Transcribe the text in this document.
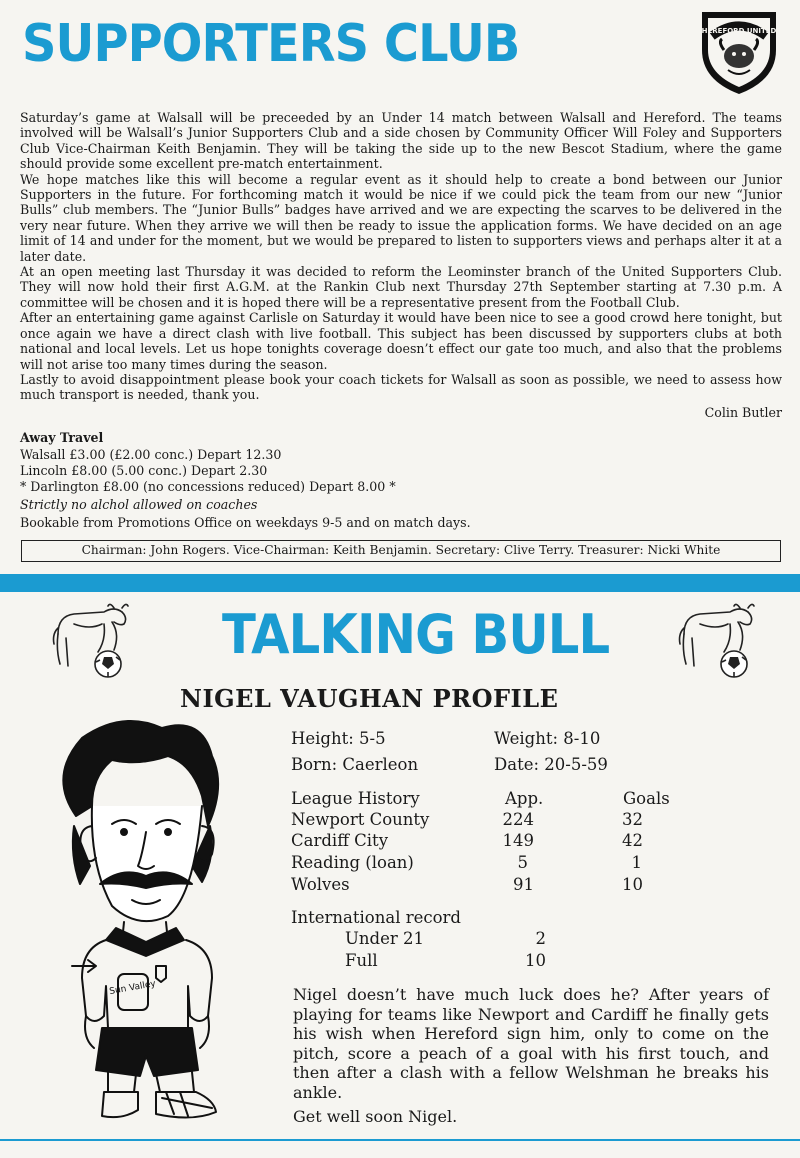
SUPPORTERS CLUB	HEREFORD UNITED

Saturday’s game at Walsall will be preceeded by an Under 14 match between Walsall and Hereford. The teams involved will be Walsall’s Junior Supporters Club and a side chosen by Community Officer Will Foley and Supporters Club Vice-Chairman Keith Benjamin. They will be taking the side up to the new Bescot Stadium, where the game should provide some excellent pre-match entertainment.

We hope matches like this will become a regular event as it should help to create a bond between our Junior Supporters in the future. For forthcoming match it would be nice if we could pick the team from our new “Junior Bulls” club members. The “Junior Bulls” badges have arrived and we are expecting the scarves to be delivered in the very near future. When they arrive we will then be ready to issue the application forms. We have decided on an age limit of 14 and under for the moment, but we would be prepared to listen to supporters views and perhaps alter it at a later date.

At an open meeting last Thursday it was decided to reform the Leominster branch of the United Supporters Club. They will now hold their first A.G.M. at the Rankin Club next Thursday 27th September starting at 7.30 p.m. A committee will be chosen and it is hoped there will be a representative present from the Football Club.

After an entertaining game against Carlisle on Saturday it would have been nice to see a good crowd here tonight, but once again we have a direct clash with live football. This subject has been discussed by supporters clubs at both national and local levels. Let us hope tonights coverage doesn’t effect our gate too much, and also that the problems will not arise too many times during the season.

Lastly to avoid disappointment please book your coach tickets for Walsall as soon as possible, we need to assess how much transport is needed, thank you.

Colin Butler
Away Travel
Walsall £3.00 (£2.00 conc.) Depart 12.30
Lincoln £8.00 (5.00 conc.) Depart 2.30
* Darlington £8.00 (no concessions reduced) Depart 8.00 *
Strictly no alchol allowed on coaches
Bookable from Promotions Office on weekdays 9-5 and on match days.
Chairman: John Rogers. Vice-Chairman: Keith Benjamin. Secretary: Clive Terry. Treasurer: Nicki White
TALKING BULL
NIGEL VAUGHAN PROFILE
Sun Valley
Height: 5-5	Weight: 8-10
Born: Caerleon	Date: 20-5-59
League History	App.	Goals
Newport County	224	32
Cardiff City	149	42
Reading (loan)	5	1
Wolves	91	10
International record
Under 21	2
Full	10

Nigel doesn’t have much luck does he? After years of playing for teams like Newport and Cardiff he finally gets his wish when Hereford sign him, only to come on the pitch, score a peach of a goal with his first touch, and then after a clash with a fellow Welshman he breaks his ankle.

Get well soon Nigel.
